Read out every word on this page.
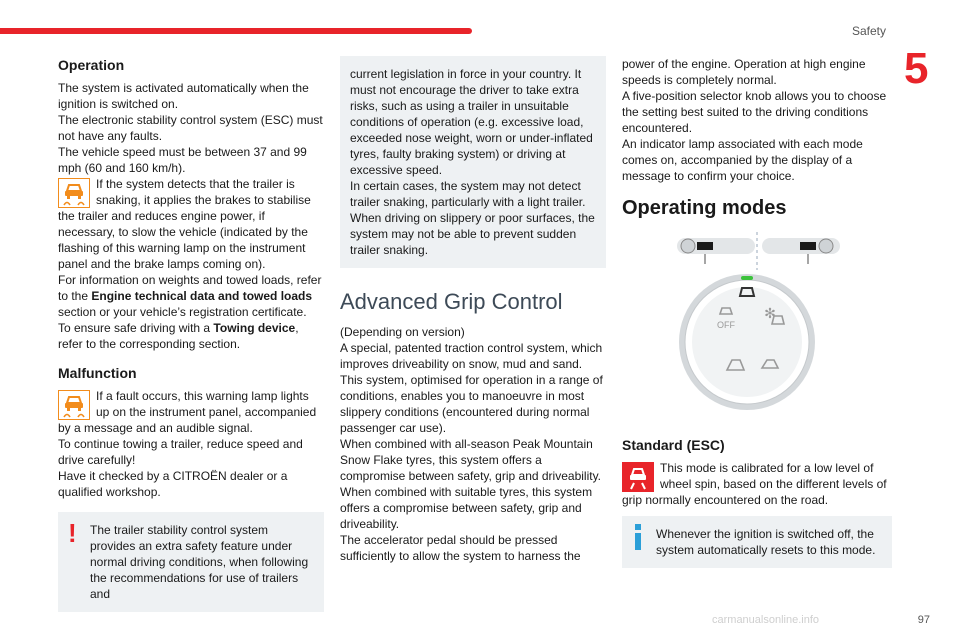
Safety
5
Operation

The system is activated automatically when the ignition is switched on.

The electronic stability control system (ESC) must not have any faults.

The vehicle speed must be between 37 and 99 mph (60 and 160 km/h).

If the system detects that the trailer is snaking, it applies the brakes to stabilise the trailer and reduces engine power, if necessary, to slow the vehicle (indicated by the flashing of this warning lamp on the instrument panel and the brake lamps coming on).

For information on weights and towed loads, refer to the Engine technical data and towed loads section or your vehicle’s registration certificate.

To ensure safe driving with a Towing device, refer to the corresponding section.

Malfunction

If a fault occurs, this warning lamp lights up on the instrument panel, accompanied by a message and an audible signal.

To continue towing a trailer, reduce speed and drive carefully!

Have it checked by a CITROËN dealer or a qualified workshop.

! The trailer stability control system provides an extra safety feature under normal driving conditions, when following the recommendations for use of trailers and

current legislation in force in your country. It must not encourage the driver to take extra risks, such as using a trailer in unsuitable conditions of operation (e.g. excessive load, exceeded nose weight, worn or under-inflated tyres, faulty braking system) or driving at excessive speed.

In certain cases, the system may not detect trailer snaking, particularly with a light trailer. When driving on slippery or poor surfaces, the system may not be able to prevent sudden trailer snaking.

Advanced Grip Control

(Depending on version)

A special, patented traction control system, which improves driveability on snow, mud and sand.

This system, optimised for operation in a range of conditions, enables you to manoeuvre in most slippery conditions (encountered during normal passenger car use).

When combined with all-season Peak Mountain Snow Flake tyres, this system offers a compromise between safety, grip and driveability.

When combined with suitable tyres, this system offers a compromise between safety, grip and driveability.

The accelerator pedal should be pressed sufficiently to allow the system to harness the

power of the engine. Operation at high engine speeds is completely normal.

A five-position selector knob allows you to choose the setting best suited to the driving conditions encountered.

An indicator lamp associated with each mode comes on, accompanied by the display of a message to confirm your choice.

Operating modes
OFF
✻
Standard (ESC)

This mode is calibrated for a low level of wheel spin, based on the different levels of grip normally encountered on the road.

Whenever the ignition is switched off, the system automatically resets to this mode.

carmanualsonline.info	97
